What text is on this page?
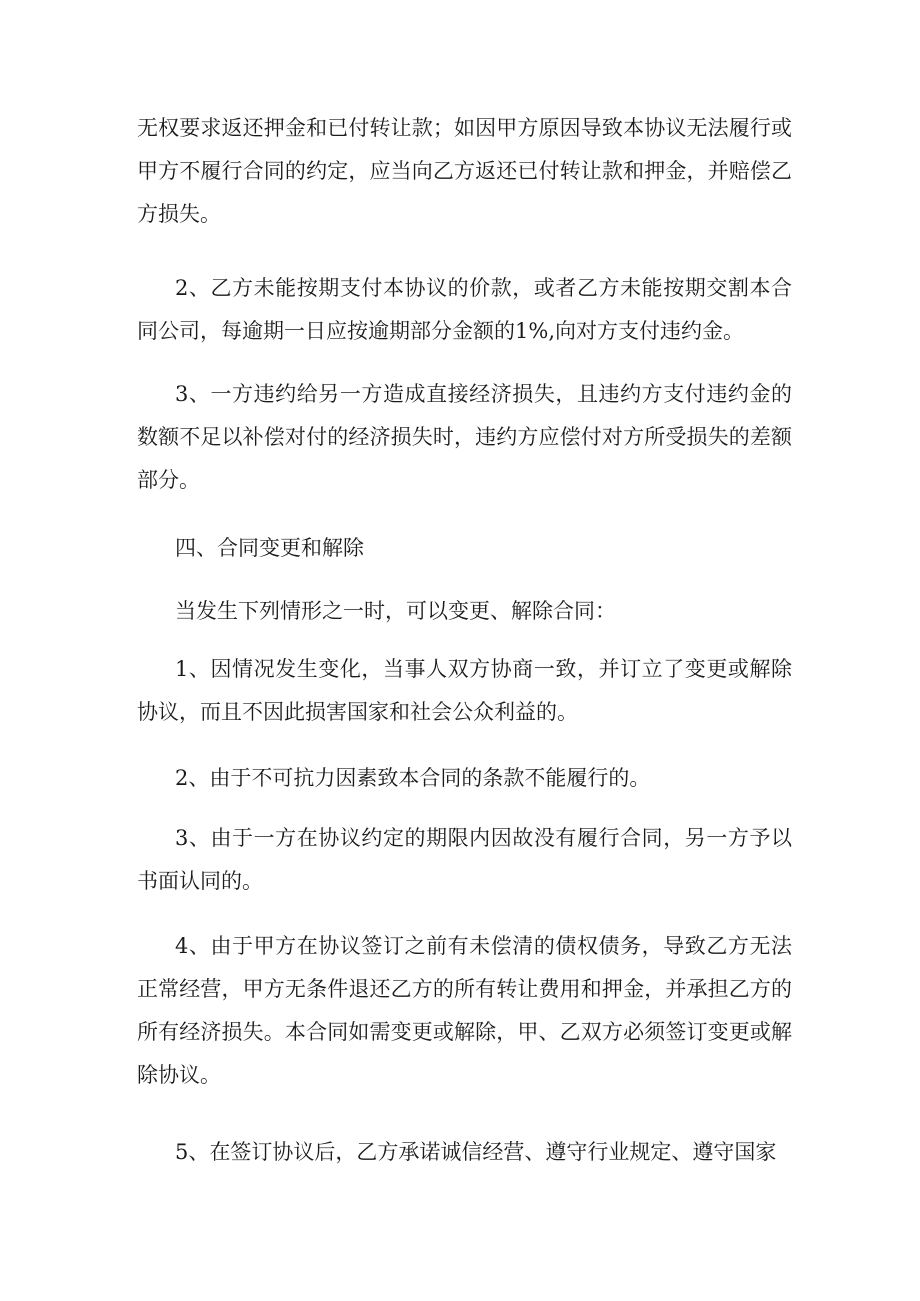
无权要求返还押金和已付转让款；如因甲方原因导致本协议无法履行或甲方不履行合同的约定，应当向乙方返还已付转让款和押金，并赔偿乙方损失。

2、乙方未能按期支付本协议的价款，或者乙方未能按期交割本合同公司，每逾期一日应按逾期部分金额的1%,向对方支付违约金。

3、一方违约给另一方造成直接经济损失，且违约方支付违约金的数额不足以补偿对付的经济损失时，违约方应偿付对方所受损失的差额部分。

四、合同变更和解除

当发生下列情形之一时，可以变更、解除合同：

1、因情况发生变化，当事人双方协商一致，并订立了变更或解除协议，而且不因此损害国家和社会公众利益的。

2、由于不可抗力因素致本合同的条款不能履行的。

3、由于一方在协议约定的期限内因故没有履行合同，另一方予以书面认同的。

4、由于甲方在协议签订之前有未偿清的债权债务，导致乙方无法正常经营，甲方无条件退还乙方的所有转让费用和押金，并承担乙方的所有经济损失。本合同如需变更或解除，甲、乙双方必须签订变更或解除协议。

5、在签订协议后，乙方承诺诚信经营、遵守行业规定、遵守国家
